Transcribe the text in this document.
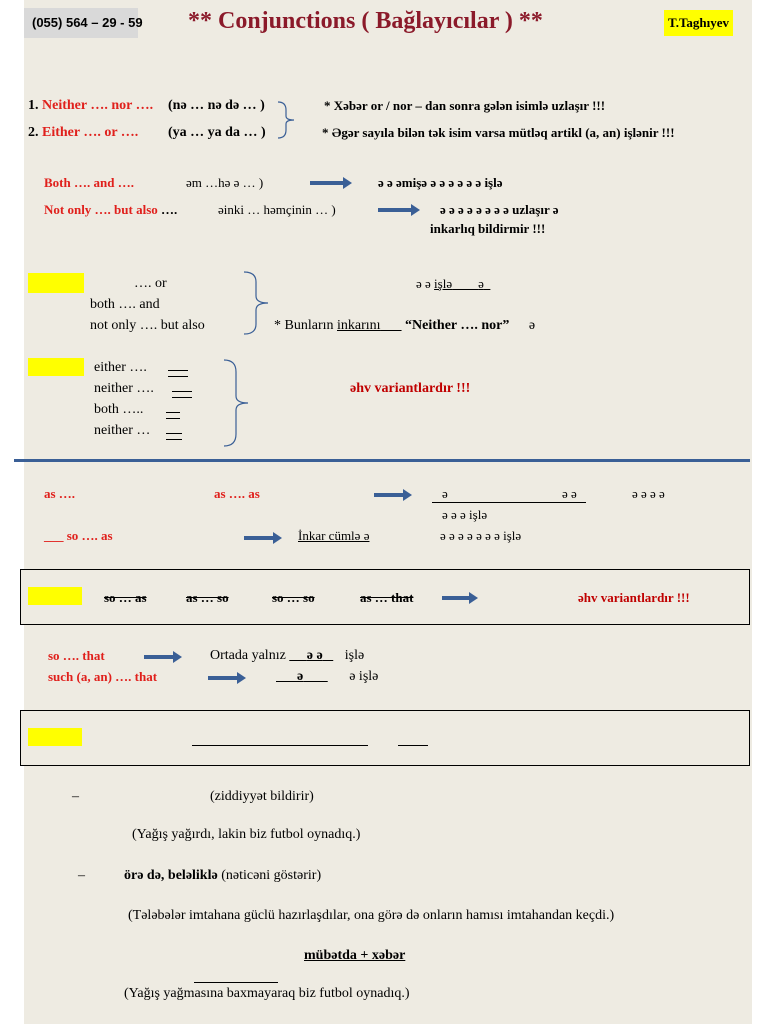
(055) 564 – 29 - 59 ** Conjunctions ( Bağlayıcılar ) **	T.Taghıyev
1. Neither …. nor …. (nə … nə də … )
2. Either …. or …. (ya … ya da … )
* Xəbər or / nor – dan sonra gələn isimlə uzlaşır !!!
* Əgər sayıla bilən tək isim varsa mütləq artikl (a, an) işlənir !!!
Both …. and ….	əm …hə ə … )	ə ə əmişə ə ə ə ə ə ə işlə
Not only …. but also ….	əinki … həmçinin … )	ə ə ə ə ə ə ə ə uzlaşır ə
inkarlıq bildirmir !!!
…. or
both …. and
not only …. but also
ə ə işlə ə
* Bunların inkarını “Neither …. nor” ə
either ….
neither ….
both …..
neither …
əhv variantlardır !!!
as ….	as …. as	ə	ə ə	ə ə ə ə
ə ə ə işlə
___ so …. as	İnkar cümlə ə	ə ə ə ə ə ə ə işlə
so … as	as … so	so … so	as … that	əhv variantlardır !!!
so …. that	Ortada yalnız      ə ə işlə
such (a, an) …. that	ə	ə işlə
–	(ziddiyyət bildirir)
(Yağış yağırdı, lakin biz futbol oynadıq.)
–	örə də, beləliklə (nəticəni göstərir)
(Tələbələr imtahana güclü hazırlaşdılar, ona görə də onların hamısı imtahandan keçdi.)
mübətda + xəbər
(Yağış yağmasına baxmayaraq biz futbol oynadıq.)
